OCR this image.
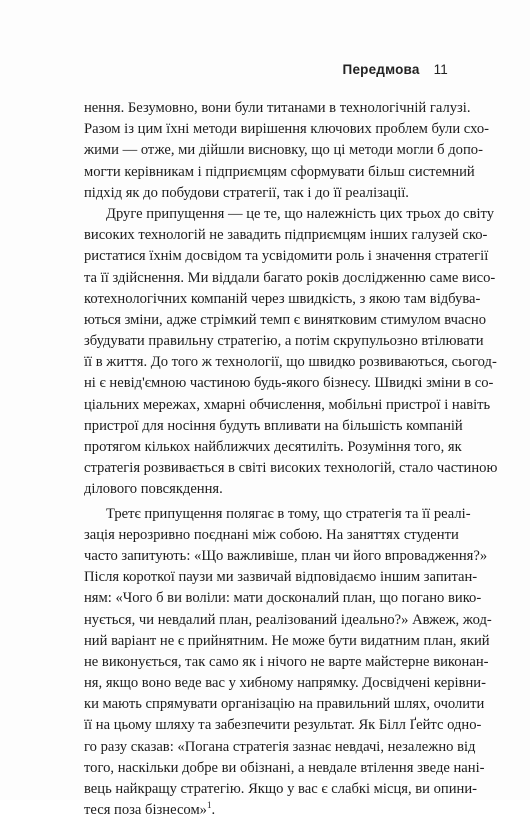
Передмова 11
нення. Безумовно, вони були титанами в технологічній галузі.
Разом із цим їхні методи вирішення ключових проблем були схо-
жими — отже, ми дійшли висновку, що ці методи могли б допо-
могти керівникам і підприємцям сформувати більш системний
підхід як до побудови стратегії, так і до її реалізації.
Друге припущення — це те, що належність цих трьох до світу
високих технологій не завадить підприємцям інших галузей ско-
ристатися їхнім досвідом та усвідомити роль і значення стратегії
та її здійснення. Ми віддали багато років дослідженню саме висо-
котехнологічних компаній через швидкість, з якою там відбува-
ються зміни, адже стрімкий темп є винятковим стимулом вчасно
збудувати правильну стратегію, а потім скрупульозно втілювати
її в життя. До того ж технології, що швидко розвиваються, сьогод-
ні є невід'ємною частиною будь-якого бізнесу. Швидкі зміни в со-
ціальних мережах, хмарні обчислення, мобільні пристрої і навіть
пристрої для носіння будуть впливати на більшість компаній
протягом кількох найближчих десятиліть. Розуміння того, як
стратегія розвивається в світі високих технологій, стало частиною
ділового повсякдення.
Третє припущення полягає в тому, що стратегія та її реалі-
зація нерозривно поєднані між собою. На заняттях студенти
часто запитують: «Що важливіше, план чи його впровадження?»
Після короткої паузи ми зазвичай відповідаємо іншим запитан-
ням: «Чого б ви воліли: мати досконалий план, що погано вико-
нується, чи невдалий план, реалізований ідеально?» Авжеж, жод-
ний варіант не є прийнятним. Не може бути видатним план, який
не виконується, так само як і нічого не варте майстерне виконан-
ня, якщо воно веде вас у хибному напрямку. Досвідчені керівни-
ки мають спрямувати організацію на правильний шлях, очолити
її на цьому шляху та забезпечити результат. Як Білл Ґейтс одно-
го разу сказав: «Погана стратегія зазнає невдачі, незалежно від
того, наскільки добре ви обізнані, а невдале втілення зведе нані-
вець найкращу стратегію. Якщо у вас є слабкі місця, ви опини-
теся поза бізнесом»$^1$.
